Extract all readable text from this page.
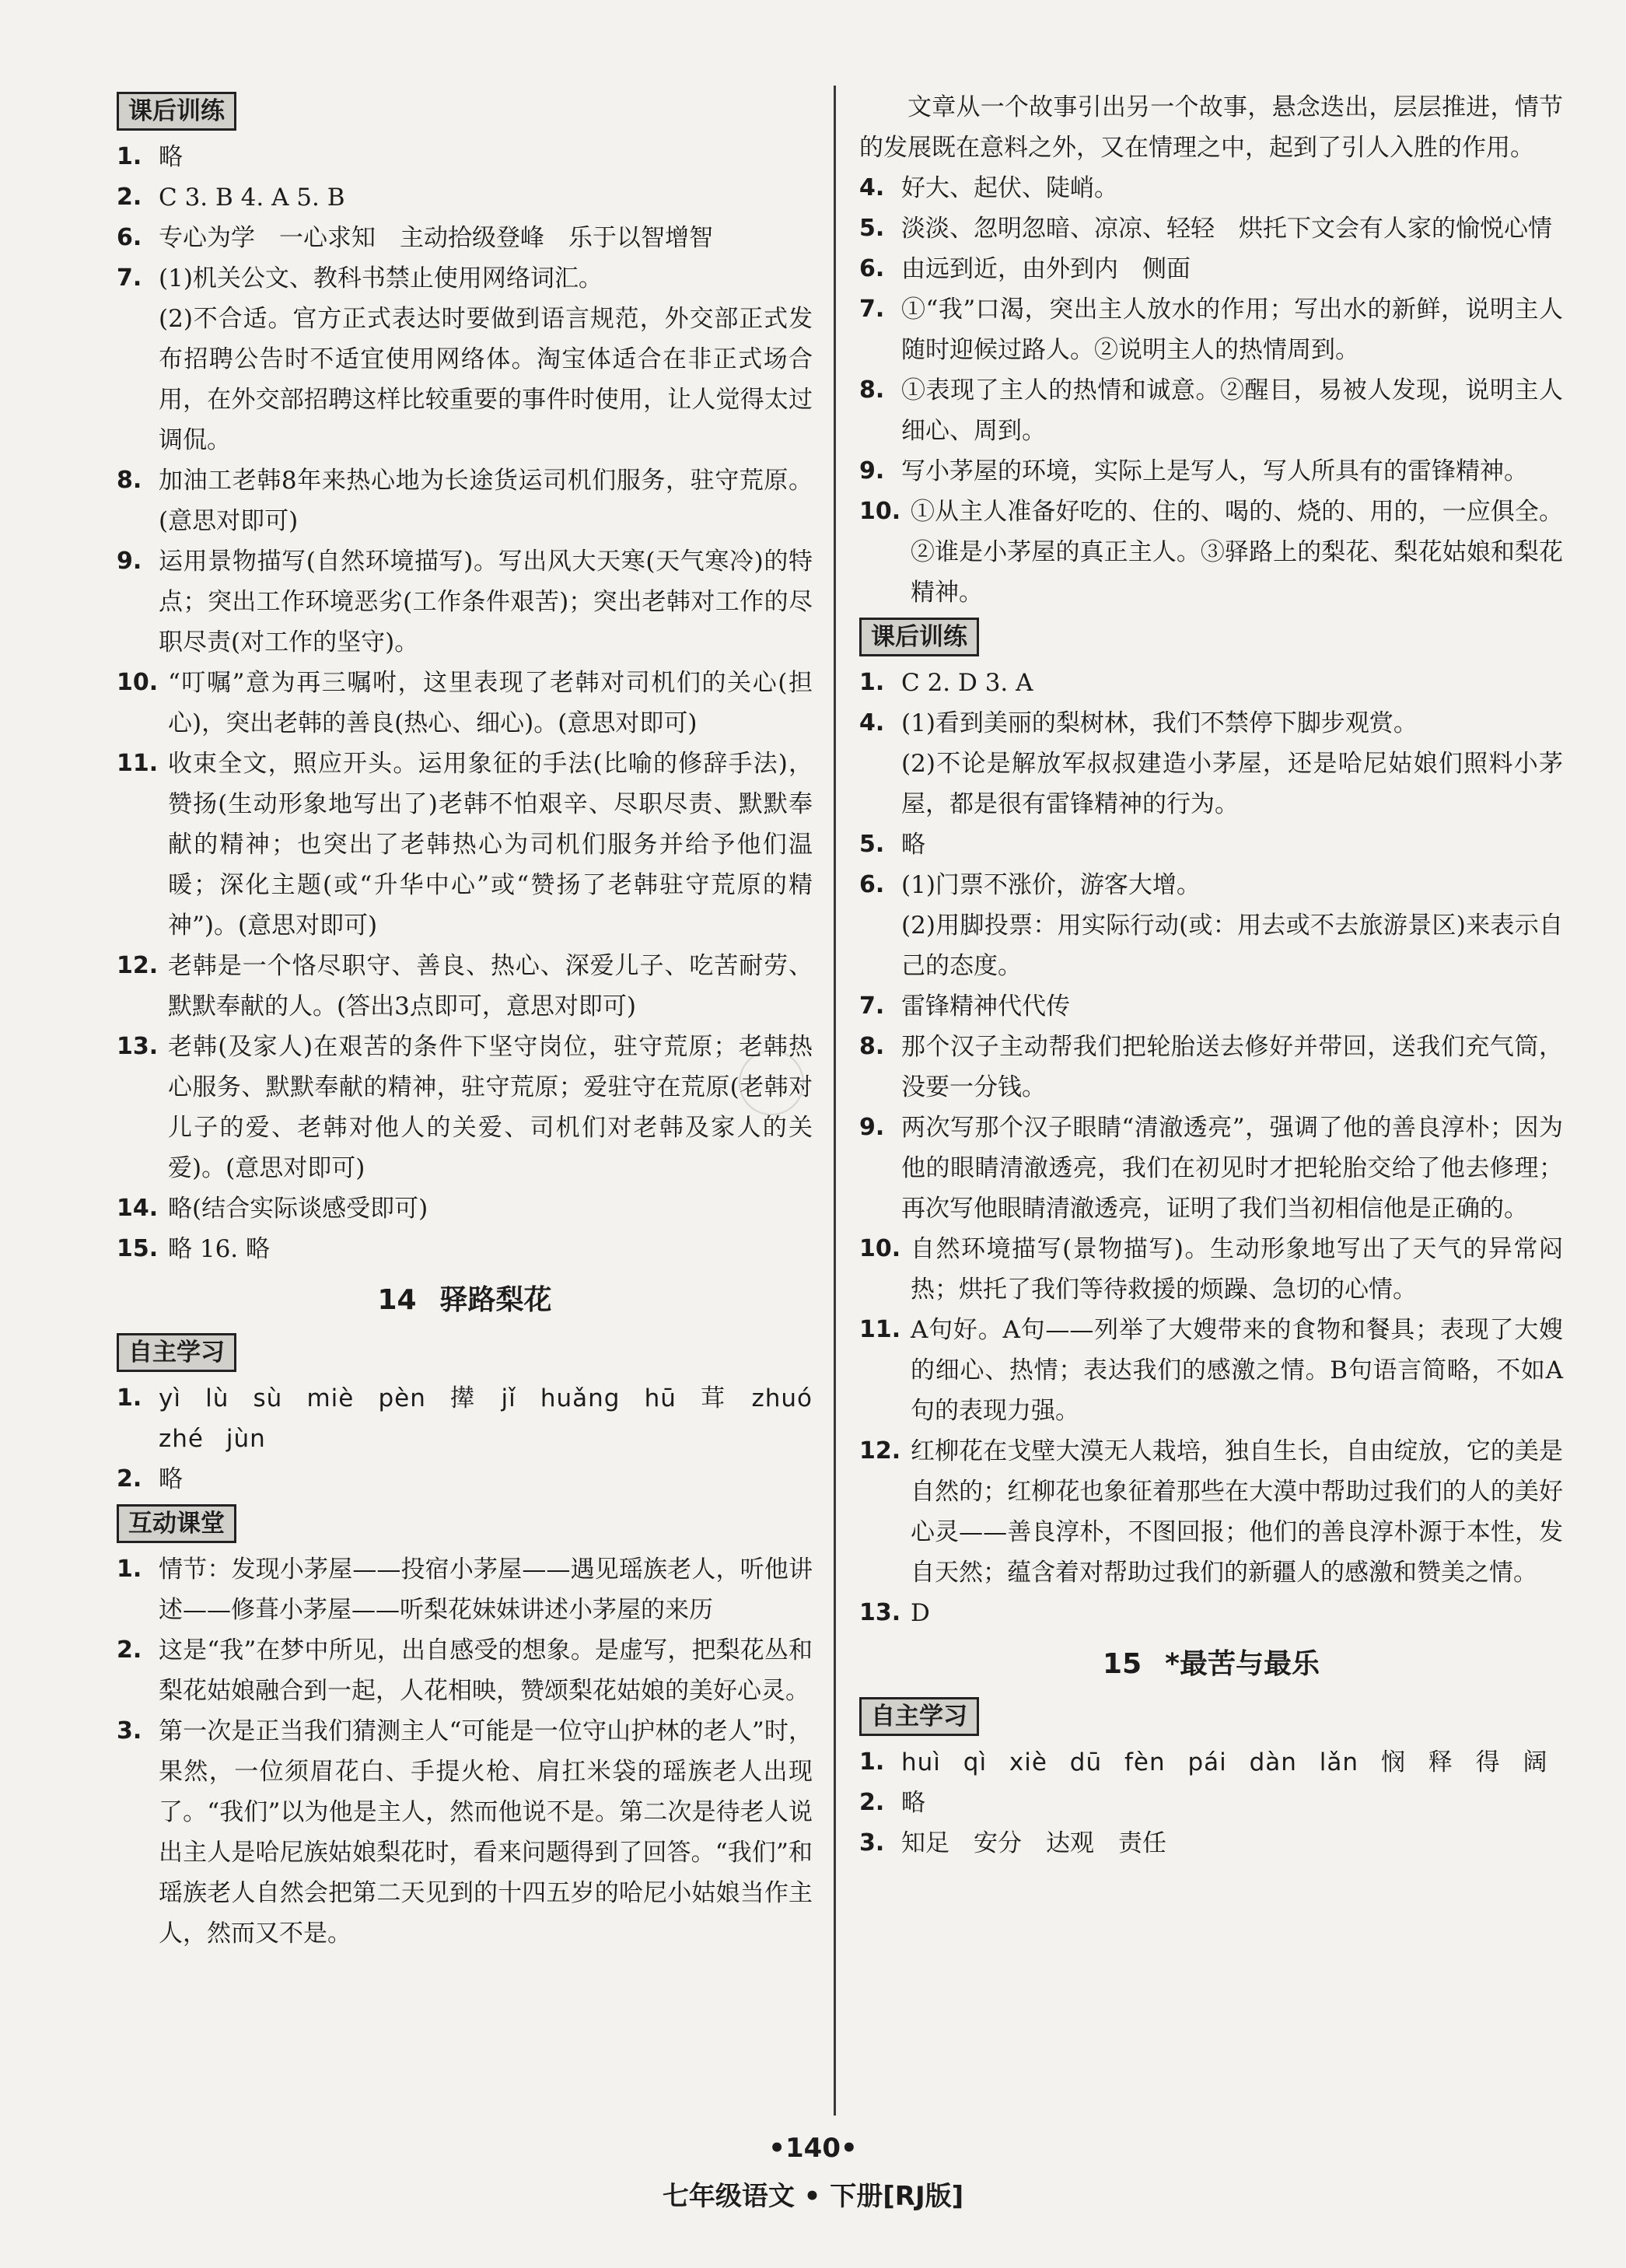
课后训练
1. 略
2. C 3. B 4. A 5. B
6. 专心为学　一心求知　主动拾级登峰　乐于以智增智
7. (1)机关公文、教科书禁止使用网络词汇。
(2)不合适。官方正式表达时要做到语言规范，外交部正式发布招聘公告时不适宜使用网络体。淘宝体适合在非正式场合用，在外交部招聘这样比较重要的事件时使用，让人觉得太过调侃。
8. 加油工老韩8年来热心地为长途货运司机们服务，驻守荒原。(意思对即可)
9. 运用景物描写(自然环境描写)。写出风大天寒(天气寒冷)的特点；突出工作环境恶劣(工作条件艰苦)；突出老韩对工作的尽职尽责(对工作的坚守)。
10. “叮嘱”意为再三嘱咐，这里表现了老韩对司机们的关心(担心)，突出老韩的善良(热心、细心)。(意思对即可)
11. 收束全文，照应开头。运用象征的手法(比喻的修辞手法)，赞扬(生动形象地写出了)老韩不怕艰辛、尽职尽责、默默奉献的精神；也突出了老韩热心为司机们服务并给予他们温暖；深化主题(或“升华中心”或“赞扬了老韩驻守荒原的精神”)。(意思对即可)
12. 老韩是一个恪尽职守、善良、热心、深爱儿子、吃苦耐劳、默默奉献的人。(答出3点即可，意思对即可)
13. 老韩(及家人)在艰苦的条件下坚守岗位，驻守荒原；老韩热心服务、默默奉献的精神，驻守荒原；爱驻守在荒原(老韩对儿子的爱、老韩对他人的关爱、司机们对老韩及家人的关爱)。(意思对即可)
14. 略(结合实际谈感受即可)
15. 略 16. 略
14 驿路梨花
自主学习
1. yì lù sù miè pèn 撵 jǐ huǎng hū 茸 zhuó zhé jùn
2. 略
互动课堂
1. 情节：发现小茅屋——投宿小茅屋——遇见瑶族老人，听他讲述——修葺小茅屋——听梨花妹妹讲述小茅屋的来历
2. 这是“我”在梦中所见，出自感受的想象。是虚写，把梨花丛和梨花姑娘融合到一起，人花相映，赞颂梨花姑娘的美好心灵。
3. 第一次是正当我们猜测主人“可能是一位守山护林的老人”时，果然，一位须眉花白、手提火枪、肩扛米袋的瑶族老人出现了。“我们”以为他是主人，然而他说不是。第二次是待老人说出主人是哈尼族姑娘梨花时，看来问题得到了回答。“我们”和瑶族老人自然会把第二天见到的十四五岁的哈尼小姑娘当作主人，然而又不是。

文章从一个故事引出另一个故事，悬念迭出，层层推进，情节的发展既在意料之外，又在情理之中，起到了引人入胜的作用。

4. 好大、起伏、陡峭。
5. 淡淡、忽明忽暗、凉凉、轻轻　烘托下文会有人家的愉悦心情
6. 由远到近，由外到内　侧面
7. ①“我”口渴，突出主人放水的作用；写出水的新鲜，说明主人随时迎候过路人。②说明主人的热情周到。
8. ①表现了主人的热情和诚意。②醒目，易被人发现，说明主人细心、周到。
9. 写小茅屋的环境，实际上是写人，写人所具有的雷锋精神。
10. ①从主人准备好吃的、住的、喝的、烧的、用的，一应俱全。②谁是小茅屋的真正主人。③驿路上的梨花、梨花姑娘和梨花精神。
课后训练
1. C 2. D 3. A
4. (1)看到美丽的梨树林，我们不禁停下脚步观赏。
(2)不论是解放军叔叔建造小茅屋，还是哈尼姑娘们照料小茅屋，都是很有雷锋精神的行为。
5. 略
6. (1)门票不涨价，游客大增。
(2)用脚投票：用实际行动(或：用去或不去旅游景区)来表示自己的态度。
7. 雷锋精神代代传
8. 那个汉子主动帮我们把轮胎送去修好并带回，送我们充气筒，没要一分钱。
9. 两次写那个汉子眼睛“清澈透亮”，强调了他的善良淳朴；因为他的眼睛清澈透亮，我们在初见时才把轮胎交给了他去修理；再次写他眼睛清澈透亮，证明了我们当初相信他是正确的。
10. 自然环境描写(景物描写)。生动形象地写出了天气的异常闷热；烘托了我们等待救援的烦躁、急切的心情。
11. A句好。A句——列举了大嫂带来的食物和餐具；表现了大嫂的细心、热情；表达我们的感激之情。B句语言简略，不如A句的表现力强。
12. 红柳花在戈壁大漠无人栽培，独自生长，自由绽放，它的美是自然的；红柳花也象征着那些在大漠中帮助过我们的人的美好心灵——善良淳朴，不图回报；他们的善良淳朴源于本性，发自天然；蕴含着对帮助过我们的新疆人的感激和赞美之情。
13. D
15 *最苦与最乐
自主学习
1. huì qì xiè dū fèn pái dàn lǎn 悯 释 得 阔
2. 略
3. 知足　安分　达观　责任
•140•
七年级语文 • 下册[RJ版]
